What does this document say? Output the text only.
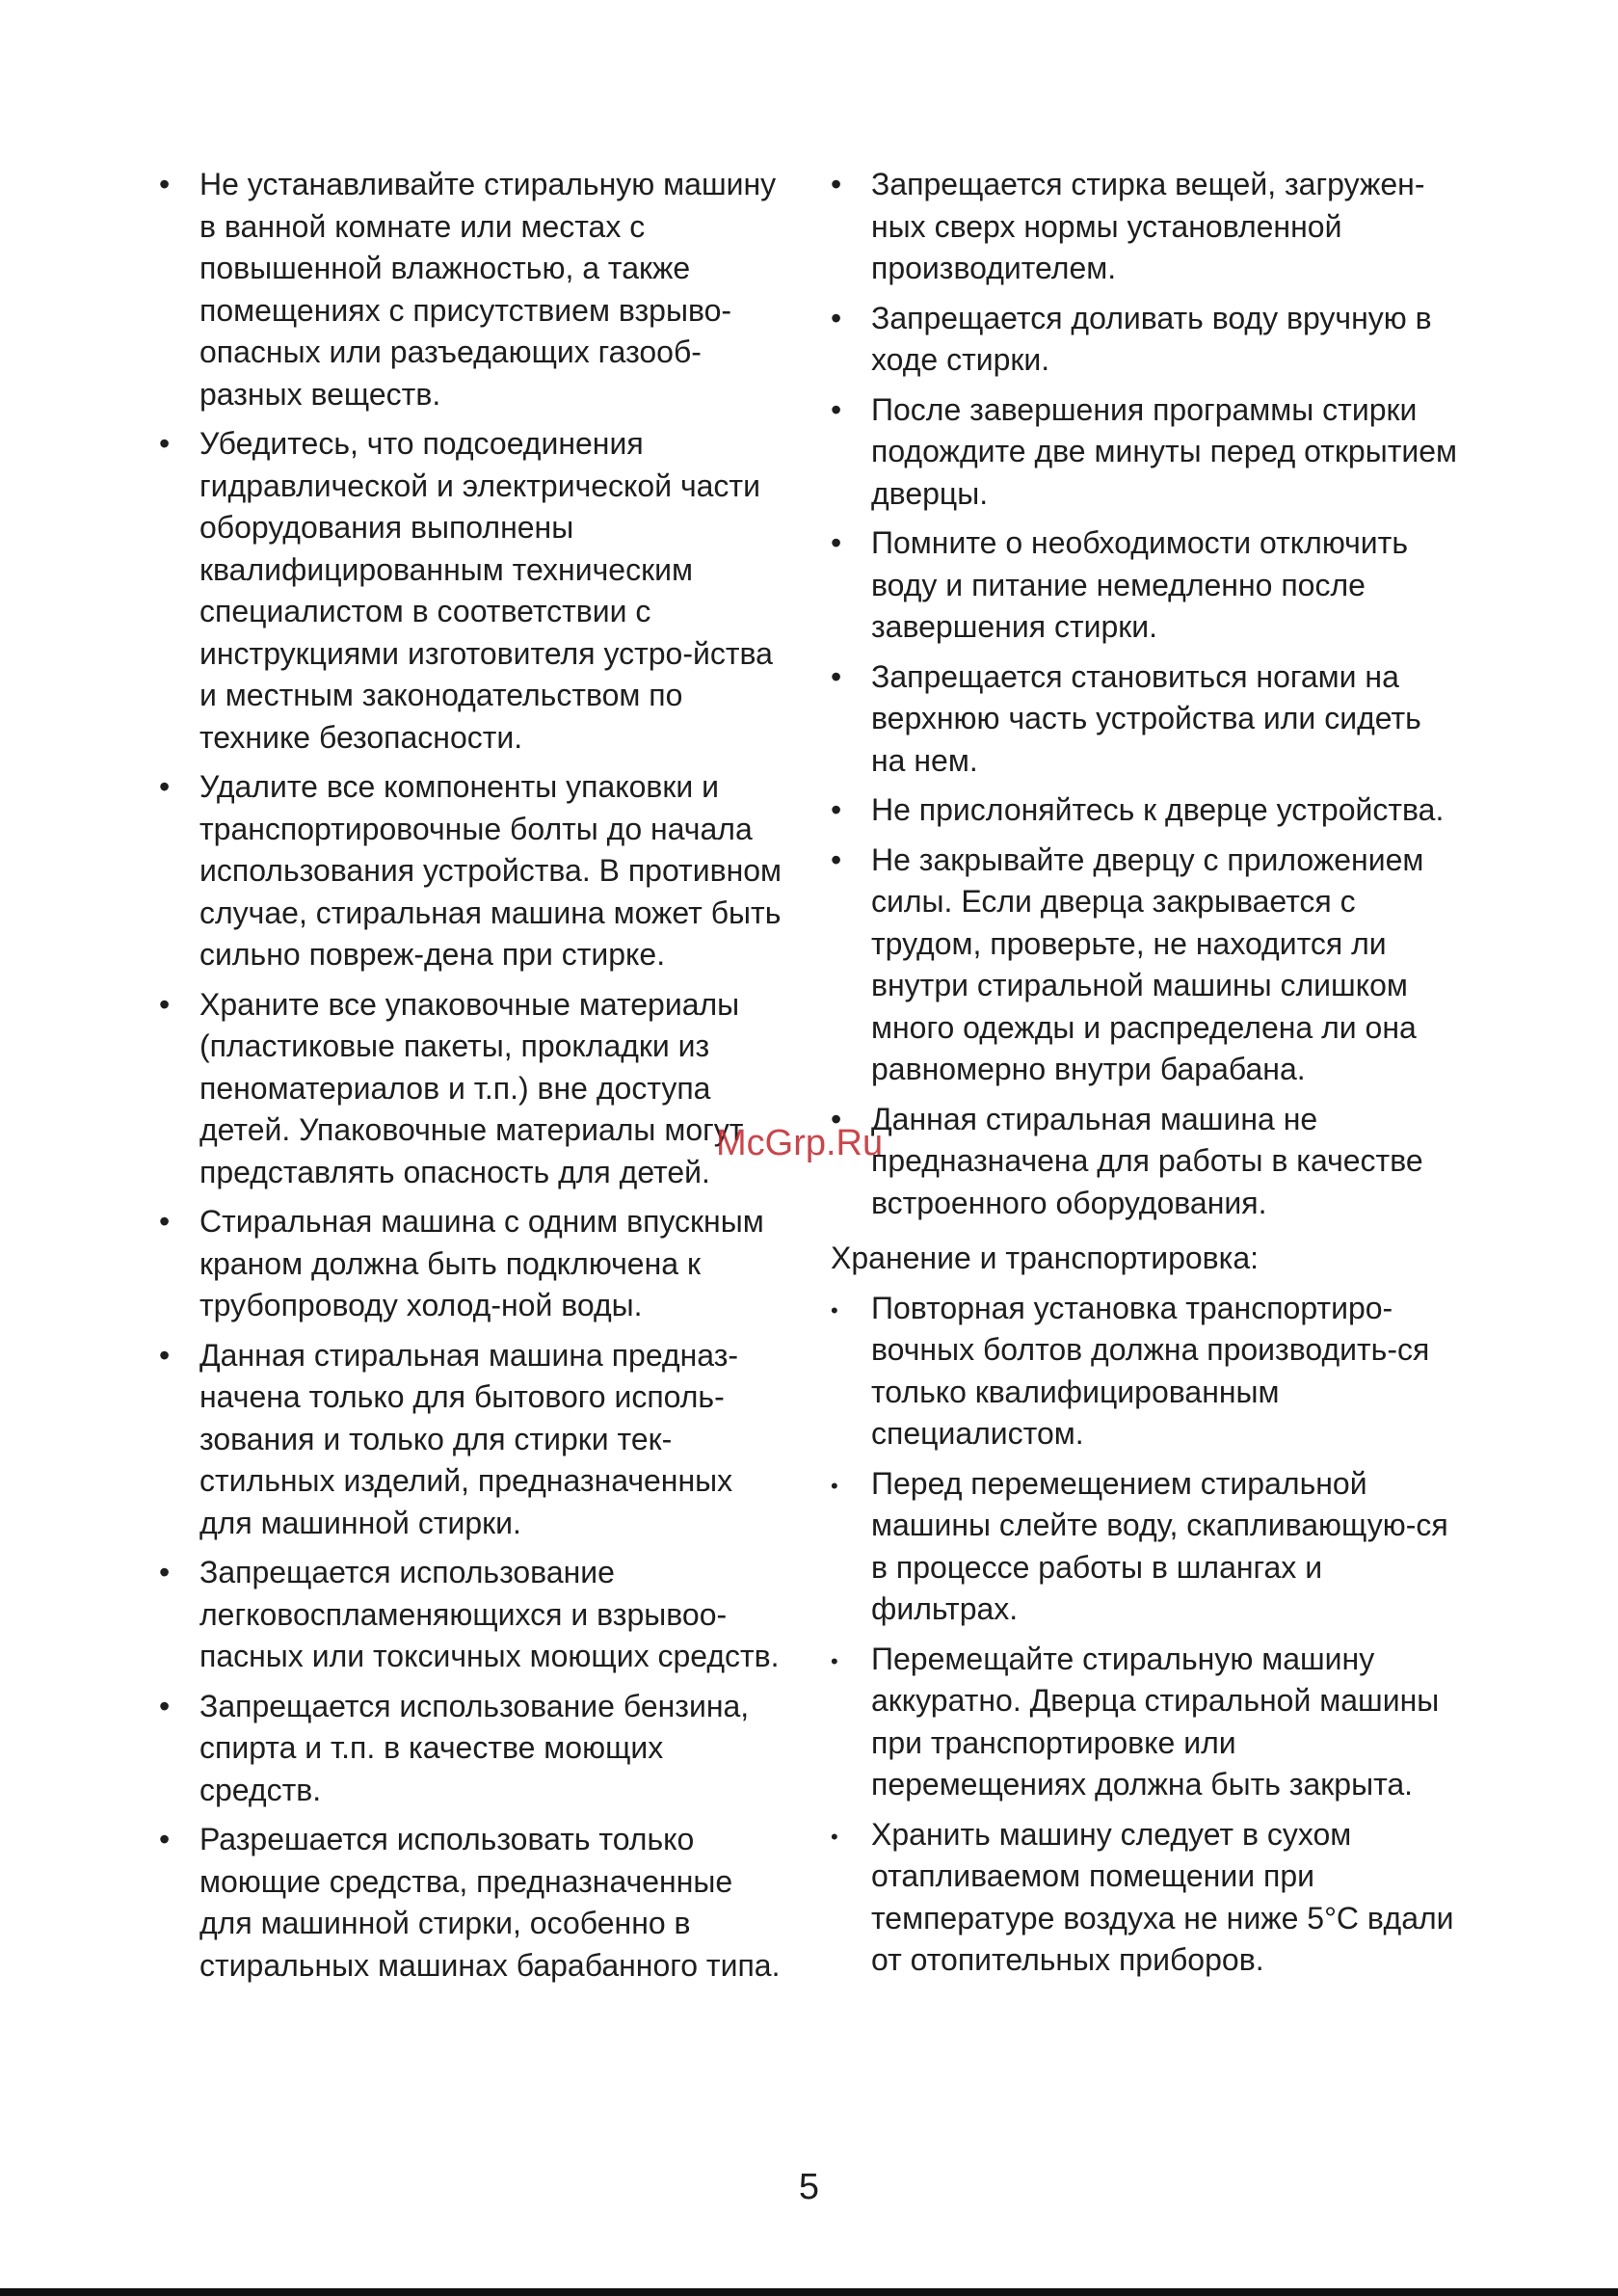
• Не устанавливайте стиральную машину в ванной комнате или местах с повышенной влажностью, а также помещениях с присутствием взрыво-опасных или разъедающих газооб-разных веществ.
• Убедитесь, что подсоединения гидравлической и электрической части оборудования выполнены квалифицированным техническим специалистом в соответствии с инструкциями изготовителя устро-йства и местным законодательством по технике безопасности.
• Удалите все компоненты упаковки и транспортировочные болты до начала использования устройства. В противном случае, стиральная машина может быть сильно повреж-дена при стирке.
• Храните все упаковочные материалы (пластиковые пакеты, прокладки из пеноматериалов и т.п.) вне доступа детей. Упаковочные материалы могут представлять опасность для детей.
• Стиральная машина с одним впускным краном должна быть подключена к трубопроводу холод-ной воды.
• Данная стиральная машина предназ-начена только для бытового исполь-зования и только для стирки тек-стильных изделий, предназначенных для машинной стирки.
• Запрещается использование легковоспламеняющихся и взрывоо-пасных или токсичных моющих средств.
• Запрещается использование бензина, спирта и т.п. в качестве моющих средств.
• Разрешается использовать только моющие средства, предназначенные для машинной стирки, особенно в стиральных машинах барабанного типа.
• Запрещается стирка вещей, загружен-ных сверх нормы установленной производителем.
• Запрещается доливать воду вручную в ходе стирки.
• После завершения программы стирки подождите две минуты перед открытием дверцы.
• Помните о необходимости отключить воду и питание немедленно после завершения стирки.
• Запрещается становиться ногами на верхнюю часть устройства или сидеть на нем.
• Не прислоняйтесь к дверце устройства.
• Не закрывайте дверцу с приложением силы. Если дверца закрывается с трудом, проверьте, не находится ли внутри стиральной машины слишком много одежды и распределена ли она равномерно внутри барабана.
• Данная стиральная машина не предназначена для работы в качестве встроенного оборудования.
Хранение и транспортировка:
• Повторная установка транспортиро-вочных болтов должна производить-ся только квалифицированным специалистом.
• Перед перемещением стиральной машины слейте воду, скапливающую-ся в процессе работы в шлангах и фильтрах.
• Перемещайте стиральную машину аккуратно. Дверца стиральной машины при транспортировке или перемещениях должна быть закрыта.
• Хранить машину следует в сухом отапливаемом помещении при температуре воздуха не ниже 5°C вдали от отопительных приборов.
McGrp.Ru
5
